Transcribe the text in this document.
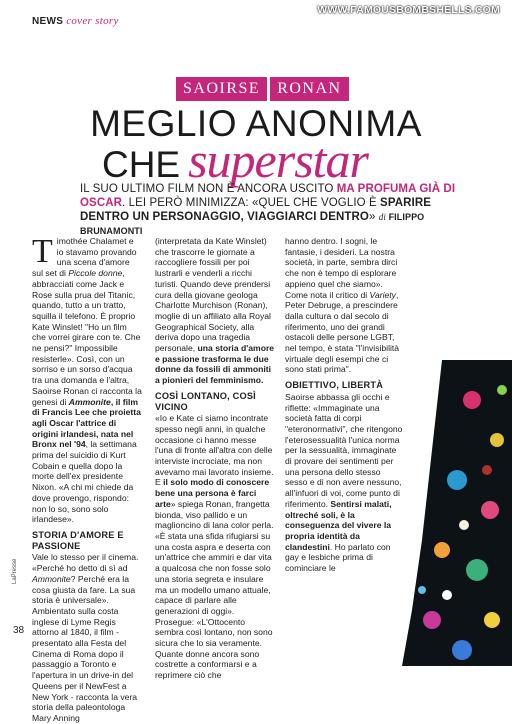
NEWS cover story
WWW.FAMOUSBOMBSHELLS.COM
SAOIRSE	RONAN
MEGLIO ANONIMA
CHE superstar
IL SUO ULTIMO FILM NON È ANCORA USCITO MA PROFUMA GIÀ DI OSCAR. LEI PERÒ MINIMIZZA: «QUEL CHE VOGLIO È SPARIRE DENTRO UN PERSONAGGIO, VIAGGIARCI DENTRO» di FILIPPO BRUNAMONTI

Timothée Chalamet e io stavamo provando una scena d'amore sul set di Piccole donne, abbracciati come Jack e Rose sulla prua del Titanic, quando, tutto a un tratto, squilla il telefono. È proprio Kate Winslet! "Ho un film che vorrei girare con te. Che ne pensi?" Impossibile resisterle». Così, con un sorriso e un sorso d'acqua tra una domanda e l'altra, Saoirse Ronan ci racconta la genesi di Ammonite, il film di Francis Lee che proietta agli Oscar l'attrice di origini irlandesi, nata nel Bronx nel '94, la settimana prima del suicidio di Kurt Cobain e quella dopo la morte dell'ex presidente Nixon. «A chi mi chiede da dove provengo, rispondo: non lo so, sono solo irlandese».

STORIA D'AMORE E PASSIONE

Vale lo stesso per il cinema. «Perché ho detto di sì ad Ammonite? Perché era la cosa giusta da fare. La sua storia è universale». Ambientato sulla costa inglese di Lyme Regis attorno al 1840, il film - presentato alla Festa del Cinema di Roma dopo il passaggio a Toronto e l'apertura in un drive-in del Queens per il NewFest a New York - racconta la vera storia della paleontologa Mary Anning

(interpretata da Kate Winslet) che trascorre le giornate a raccogliere fossili per poi lustrarli e venderli a ricchi turisti. Quando deve prendersi cura della giovane geologa Charlotte Murchison (Ronan), moglie di un affiliato alla Royal Geographical Society, alla deriva dopo una tragedia personale, una storia d'amore e passione trasforma le due donne da fossili di ammoniti a pionieri del femminismo.

COSÌ LONTANO, COSÌ VICINO

«Io e Kate ci siamo incontrate spesso negli anni, in qualche occasione ci hanno messe l'una di fronte all'altra con delle interviste incrociate, ma non avevamo mai lavorato insieme. E il solo modo di conoscere bene una persona è farci arte» spiega Ronan, frangetta bionda, viso pallido e un maglioncino di lana color perla. «È stata una sfida rifugiarsi su una costa aspra e deserta con un'attrice che ammiri e dar vita a qualcosa che non fosse solo una storia segreta e insulare ma un modello umano attuale, capace di parlare alle generazioni di oggi». Prosegue: «L'Ottocento sembra così lontano, non sono sicura che lo sia veramente. Quante donne ancora sono costrette a conformarsi e a reprimere ciò che

hanno dentro. I sogni, le fantasie, i desideri. La nostra società, in parte, sembra dirci che non è tempo di esplorare appieno quel che siamo». Come nota il critico di Variety, Peter Debruge, a prescindere dalla cultura o dal secolo di riferimento, uno dei grandi ostacoli delle persone LGBT, nel tempo, è stata "l'invisibilità virtuale degli esempi che ci sono stati prima".

OBIETTIVO, LIBERTÀ

Saoirse abbassa gli occhi e riflette: «Immaginate una società fatta di corpi "eteronormativi", che ritengono l'eterosessualità l'unica norma per la sessualità, immaginate di provare dei sentimenti per una persona dello stesso sesso e di non avere nessuno, all'infuori di voi, come punto di riferimento. Sentirsi malati, oltreché soli, è la conseguenza del vivere la propria identità da clandestini. Ho parlato con gay e lesbiche prima di cominciare le

LaPresse
38
